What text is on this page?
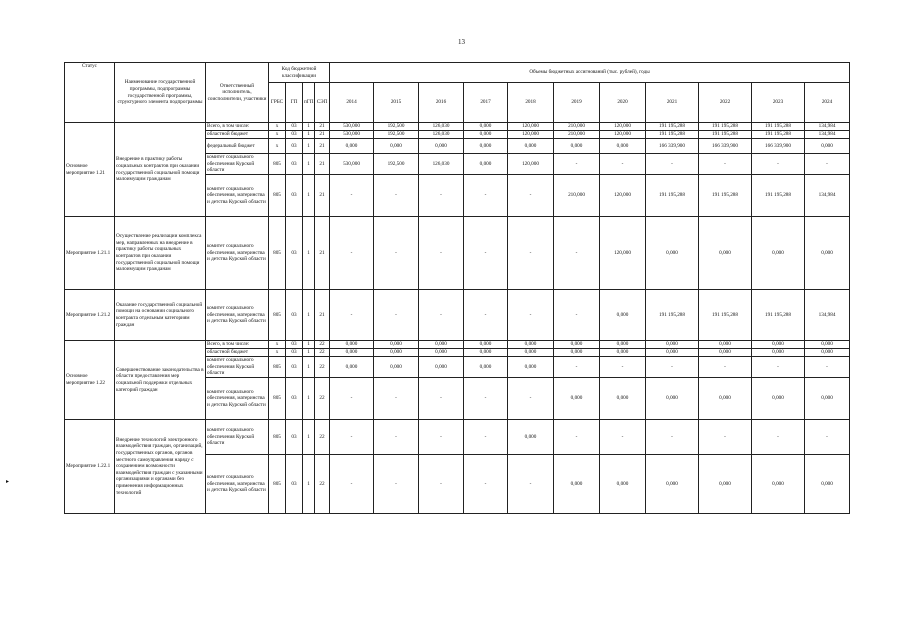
13
▸
Статус	Наименование государственной программы, подпрограммы государственной программы, структурного элемента подпрограммы	Ответственный исполнитель, соисполнители, участники	Код бюджетной классификации				Объемы бюджетных ассигнований (тыс. рублей), годы										
			ГРБС	ГП	пГП	СЭП	2014	2015	2016	2017	2018	2019	2020	2021	2022	2023	2024
Основное мероприятие 1.21	Внедрение в практику работы социальных контрактов при оказании государственной социальной помощи малоимущим гражданам	Всего, в том числе:	х	03	1	21	530,000	192,500	126,030	0,000	120,000	210,000	120,000	191 195,288	191 195,288	191 195,288	134,984
		областной бюджет	х	03	1	21	530,000	192,500	126,030	0,000	120,000	210,000	120,000	191 195,288	191 195,288	191 195,288	134,984
		федеральный бюджет	х	03	1	21	0,000	0,000	0,000	0,000	0,000	0,000	0,000	166 339,900	166 339,900	166 339,900	0,000
		комитет социального обеспечения Курской области	805	03	1	21	530,000	192,500	126,030	0,000	120,000	-	-	-	-	-	-
		комитет социального обеспечения, материнства и детства Курской области	805	03	1	21	-	-	-	-	-	210,000	120,000	191 195,288	191 195,288	191 195,288	134,984
Мероприятие 1.21.1	Осуществление реализации комплекса мер, направленных на внедрение в практику работы социальных контрактов при оказании государственной социальной помощи малоимущим гражданам	комитет социального обеспечения, материнства и детства Курской области	805	03	1	21	-	-	-	-	-	-	120,000	0,000	0,000	0,000	0,000
Мероприятие 1.21.2	Оказание государственной социальной помощи на основании социального контракта отдельным категориям граждан	комитет социального обеспечения, материнства и детства Курской области	805	03	1	21	-	-	-	-	-	-	0,000	191 195,288	191 195,288	191 195,288	134,984
Основное мероприятие 1.22	Совершенствование законодательства в области предоставления мер социальной поддержки отдельных категорий граждан	Всего, в том числе:	х	03	1	22	0,000	0,000	0,000	0,000	0,000	0,000	0,000	0,000	0,000	0,000	0,000
		областной бюджет	х	03	1	22	0,000	0,000	0,000	0,000	0,000	0,000	0,000	0,000	0,000	0,000	0,000
		комитет социального обеспечения Курской области	805	03	1	22	0,000	0,000	0,000	0,000	0,000	-	-	-	-	-	-
		комитет социального обеспечения, материнства и детства Курской области	805	03	1	22	-	-	-	-	-	0,000	0,000	0,000	0,000	0,000	0,000
Мероприятие 1.22.1	Внедрение технологий электронного взаимодействия граждан, организаций, государственных органов, органов местного самоуправления наряду с сохранением возможности взаимодействия граждан с указанными организациями и органами без применения информационных технологий	комитет социального обеспечения Курской области	805	03	1	22	-	-	-	-	0,000	-	-	-	-	-	-
		комитет социального обеспечения, материнства и детства Курской области	805	03	1	22	-	-	-	-	-	0,000	0,000	0,000	0,000	0,000	0,000
